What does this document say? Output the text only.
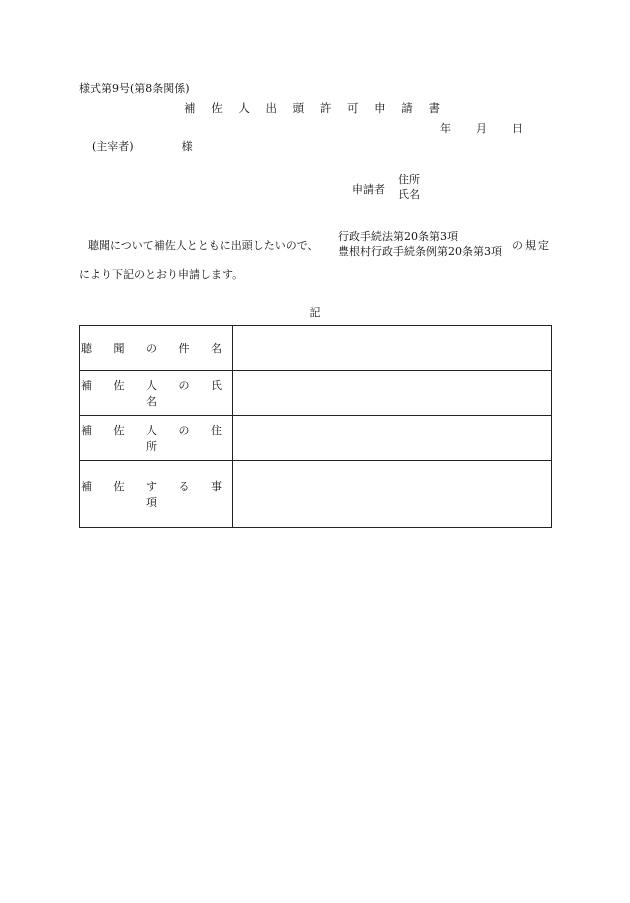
様式第9号(第8条関係)
補 佐 人 出 頭 許 可 申 請 書
年 月 日
(主宰者)	様
申請者
住所
氏名
聴聞について補佐人とともに出頭したいので、
行政手続法第20条第3項
豊根村行政手続条例第20条第3項 の規定
により下記のとおり申請します。
記
聴 聞 の 件 名	
補 佐 人 の 氏 名	
補 佐 人 の 住 所	
補 佐 す る 事 項	
